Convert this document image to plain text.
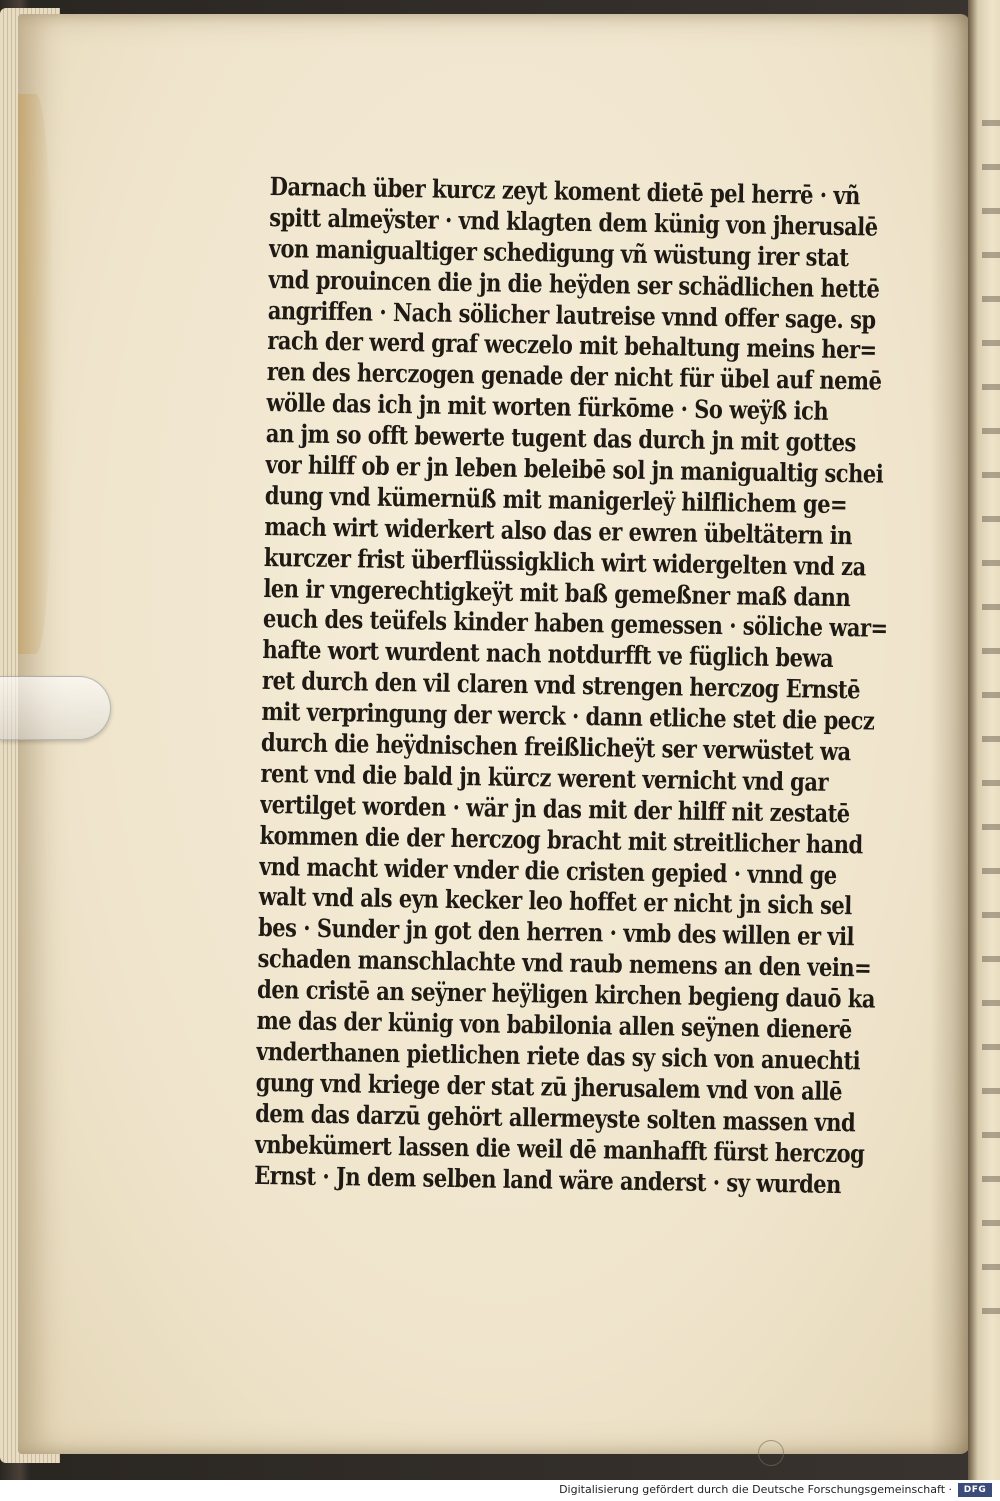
Darnach über kurcz zeyt koment dietē pel herrē · vñ
spitt almeÿster · vnd klagten dem künig von jherusalē
von manigualtiger schedigung vñ wüstung irer stat
vnd prouincen die jn die heÿden ser schädlichen hettē
angriffen · Nach sölicher lautreise vnnd offer sage. sp
rach der werd graf weczelo mit behaltung meins her=
ren des herczogen genade der nicht für übel auf nemē
wölle das ich jn mit worten fürkōme · So weÿß ich
an jm so offt bewerte tugent das durch jn mit gottes
vor hilff ob er jn leben beleibē sol jn manigualtig schei
dung vnd kümernüß mit manigerleÿ hilflichem ge=
mach wirt widerkert also das er ewren übeltätern in
kurczer frist überflüssigklich wirt widergelten vnd za
len ir vngerechtigkeÿt mit baß gemeßner maß dann
euch des teüfels kinder haben gemessen · söliche war=
hafte wort wurdent nach notdurfft ve füglich bewa
ret durch den vil claren vnd strengen herczog Ernstē
mit verpringung der werck · dann etliche stet die pecz
durch die heÿdnischen freißlicheÿt ser verwüstet wa
rent vnd die bald jn kürcz werent vernicht vnd gar
vertilget worden · wär jn das mit der hilff nit zestatē
kommen die der herczog bracht mit streitlicher hand
vnd macht wider vnder die cristen gepied · vnnd ge
walt vnd als eyn kecker leo hoffet er nicht jn sich sel
bes · Sunder jn got den herren · vmb des willen er vil
schaden manschlachte vnd raub nemens an den vein=
den cristē an seÿner heÿligen kirchen begieng dauō ka
me das der künig von babilonia allen seÿnen dienerē
vnderthanen pietlichen riete das sy sich von anuechti
gung vnd kriege der stat zū jherusalem vnd von allē
dem das darzū gehört allermeyste solten massen vnd
vnbekümert lassen die weil dē manhafft fürst herczog
Ernst · Jn dem selben land wäre anderst · sy wurden
Digitalisierung gefördert durch die Deutsche Forschungsgemeinschaft ·	DFG
